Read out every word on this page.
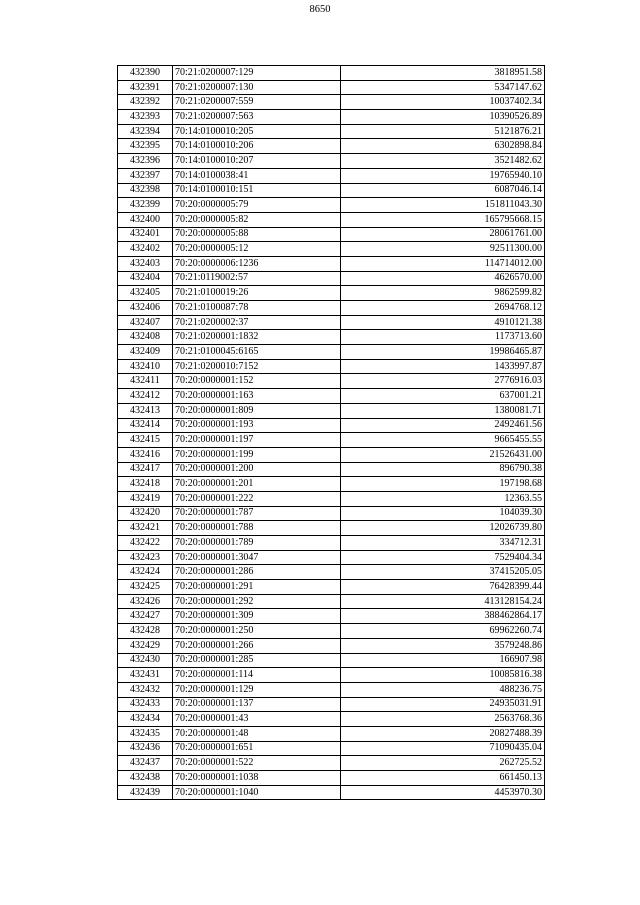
8650
432390	70:21:0200007:129	3818951.58
432391	70:21:0200007:130	5347147.62
432392	70:21:0200007:559	10037402.34
432393	70:21:0200007:563	10390526.89
432394	70:14:0100010:205	5121876.21
432395	70:14:0100010:206	6302898.84
432396	70:14:0100010:207	3521482.62
432397	70:14:0100038:41	19765940.10
432398	70:14:0100010:151	6087046.14
432399	70:20:0000005:79	151811043.30
432400	70:20:0000005:82	165795668.15
432401	70:20:0000005:88	28061761.00
432402	70:20:0000005:12	92511300.00
432403	70:20:0000006:1236	114714012.00
432404	70:21:0119002:57	4626570.00
432405	70:21:0100019:26	9862599.82
432406	70:21:0100087:78	2694768.12
432407	70:21:0200002:37	4910121.38
432408	70:21:0200001:1832	1173713.60
432409	70:21:0100045:6165	19986465.87
432410	70:21:0200010:7152	1433997.87
432411	70:20:0000001:152	2776916.03
432412	70:20:0000001:163	637001.21
432413	70:20:0000001:809	1380081.71
432414	70:20:0000001:193	2492461.56
432415	70:20:0000001:197	9665455.55
432416	70:20:0000001:199	21526431.00
432417	70:20:0000001:200	896790.38
432418	70:20:0000001:201	197198.68
432419	70:20:0000001:222	12363.55
432420	70:20:0000001:787	104039.30
432421	70:20:0000001:788	12026739.80
432422	70:20:0000001:789	334712.31
432423	70:20:0000001:3047	7529404.34
432424	70:20:0000001:286	37415205.05
432425	70:20:0000001:291	76428399.44
432426	70:20:0000001:292	413128154.24
432427	70:20:0000001:309	388462864.17
432428	70:20:0000001:250	69962260.74
432429	70:20:0000001:266	3579248.86
432430	70:20:0000001:285	166907.98
432431	70:20:0000001:114	10085816.38
432432	70:20:0000001:129	488236.75
432433	70:20:0000001:137	24935031.91
432434	70:20:0000001:43	2563768.36
432435	70:20:0000001:48	20827488.39
432436	70:20:0000001:651	71090435.04
432437	70:20:0000001:522	262725.52
432438	70:20:0000001:1038	661450.13
432439	70:20:0000001:1040	4453970.30
